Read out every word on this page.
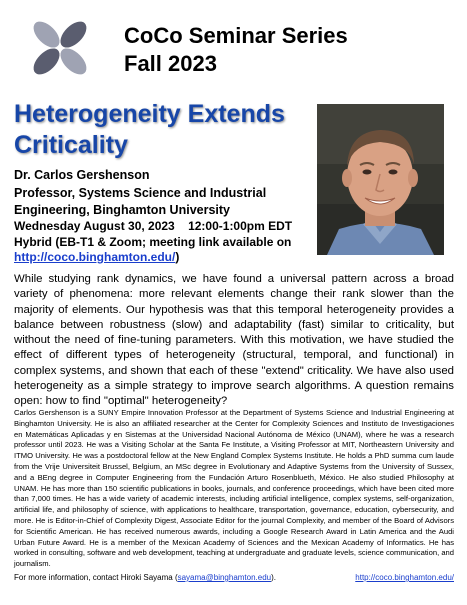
CoCo Seminar Series
Fall 2023
Heterogeneity Extends
Criticality
Dr. Carlos Gershenson
Professor, Systems Science and Industrial
Engineering, Binghamton University
Wednesday August 30, 2023 12:00-1:00pm EDT
Hybrid (EB-T1 & Zoom; meeting link available on
http://coco.binghamton.edu/)

While studying rank dynamics, we have found a universal pattern across a broad variety of phenomena: more relevant elements change their rank slower than the majority of elements. Our hypothesis was that this temporal heterogeneity provides a balance between robustness (slow) and adaptability (fast) similar to criticality, but without the need of fine-tuning parameters. With this motivation, we have studied the effect of different types of heterogeneity (structural, temporal, and functional) in complex systems, and shown that each of these "extend" criticality. We have also used heterogeneity as a simple strategy to improve search algorithms. A question remains open: how to find "optimal" heterogeneity?

Carlos Gershenson is a SUNY Empire Innovation Professor at the Department of Systems Science and Industrial Engineering at Binghamton University. He is also an affiliated researcher at the Center for Complexity Sciences and Instituto de Investigaciones en Matemáticas Aplicadas y en Sistemas at the Universidad Nacional Autónoma de México (UNAM), where he was a research professor until 2023. He was a Visiting Scholar at the Santa Fe Institute, a Visiting Professor at MIT, Northeastern University and ITMO University. He was a postdoctoral fellow at the New England Complex Systems Institute. He holds a PhD summa cum laude from the Vrije Universiteit Brussel, Belgium, an MSc degree in Evolutionary and Adaptive Systems from the University of Sussex, and a BEng degree in Computer Engineering from the Fundación Arturo Rosenblueth, México. He also studied Philosophy at UNAM. He has more than 150 scientific publications in books, journals, and conference proceedings, which have been cited more than 7,000 times. He has a wide variety of academic interests, including artificial intelligence, complex systems, self-organization, artificial life, and philosophy of science, with applications to healthcare, transportation, governance, education, cybersecurity, and more. He is Editor-in-Chief of Complexity Digest, Associate Editor for the journal Complexity, and member of the Board of Advisors for Scientific American. He has received numerous awards, including a Google Research Award in Latin America and the Audi Urban Future Award. He is a member of the Mexican Academy of Sciences and the Mexican Academy of Informatics. He has worked in consulting, software and web development, teaching at undergraduate and graduate levels, science communication, and journalism.

For more information, contact Hiroki Sayama (sayama@binghamton.edu).	http://coco.binghamton.edu/
